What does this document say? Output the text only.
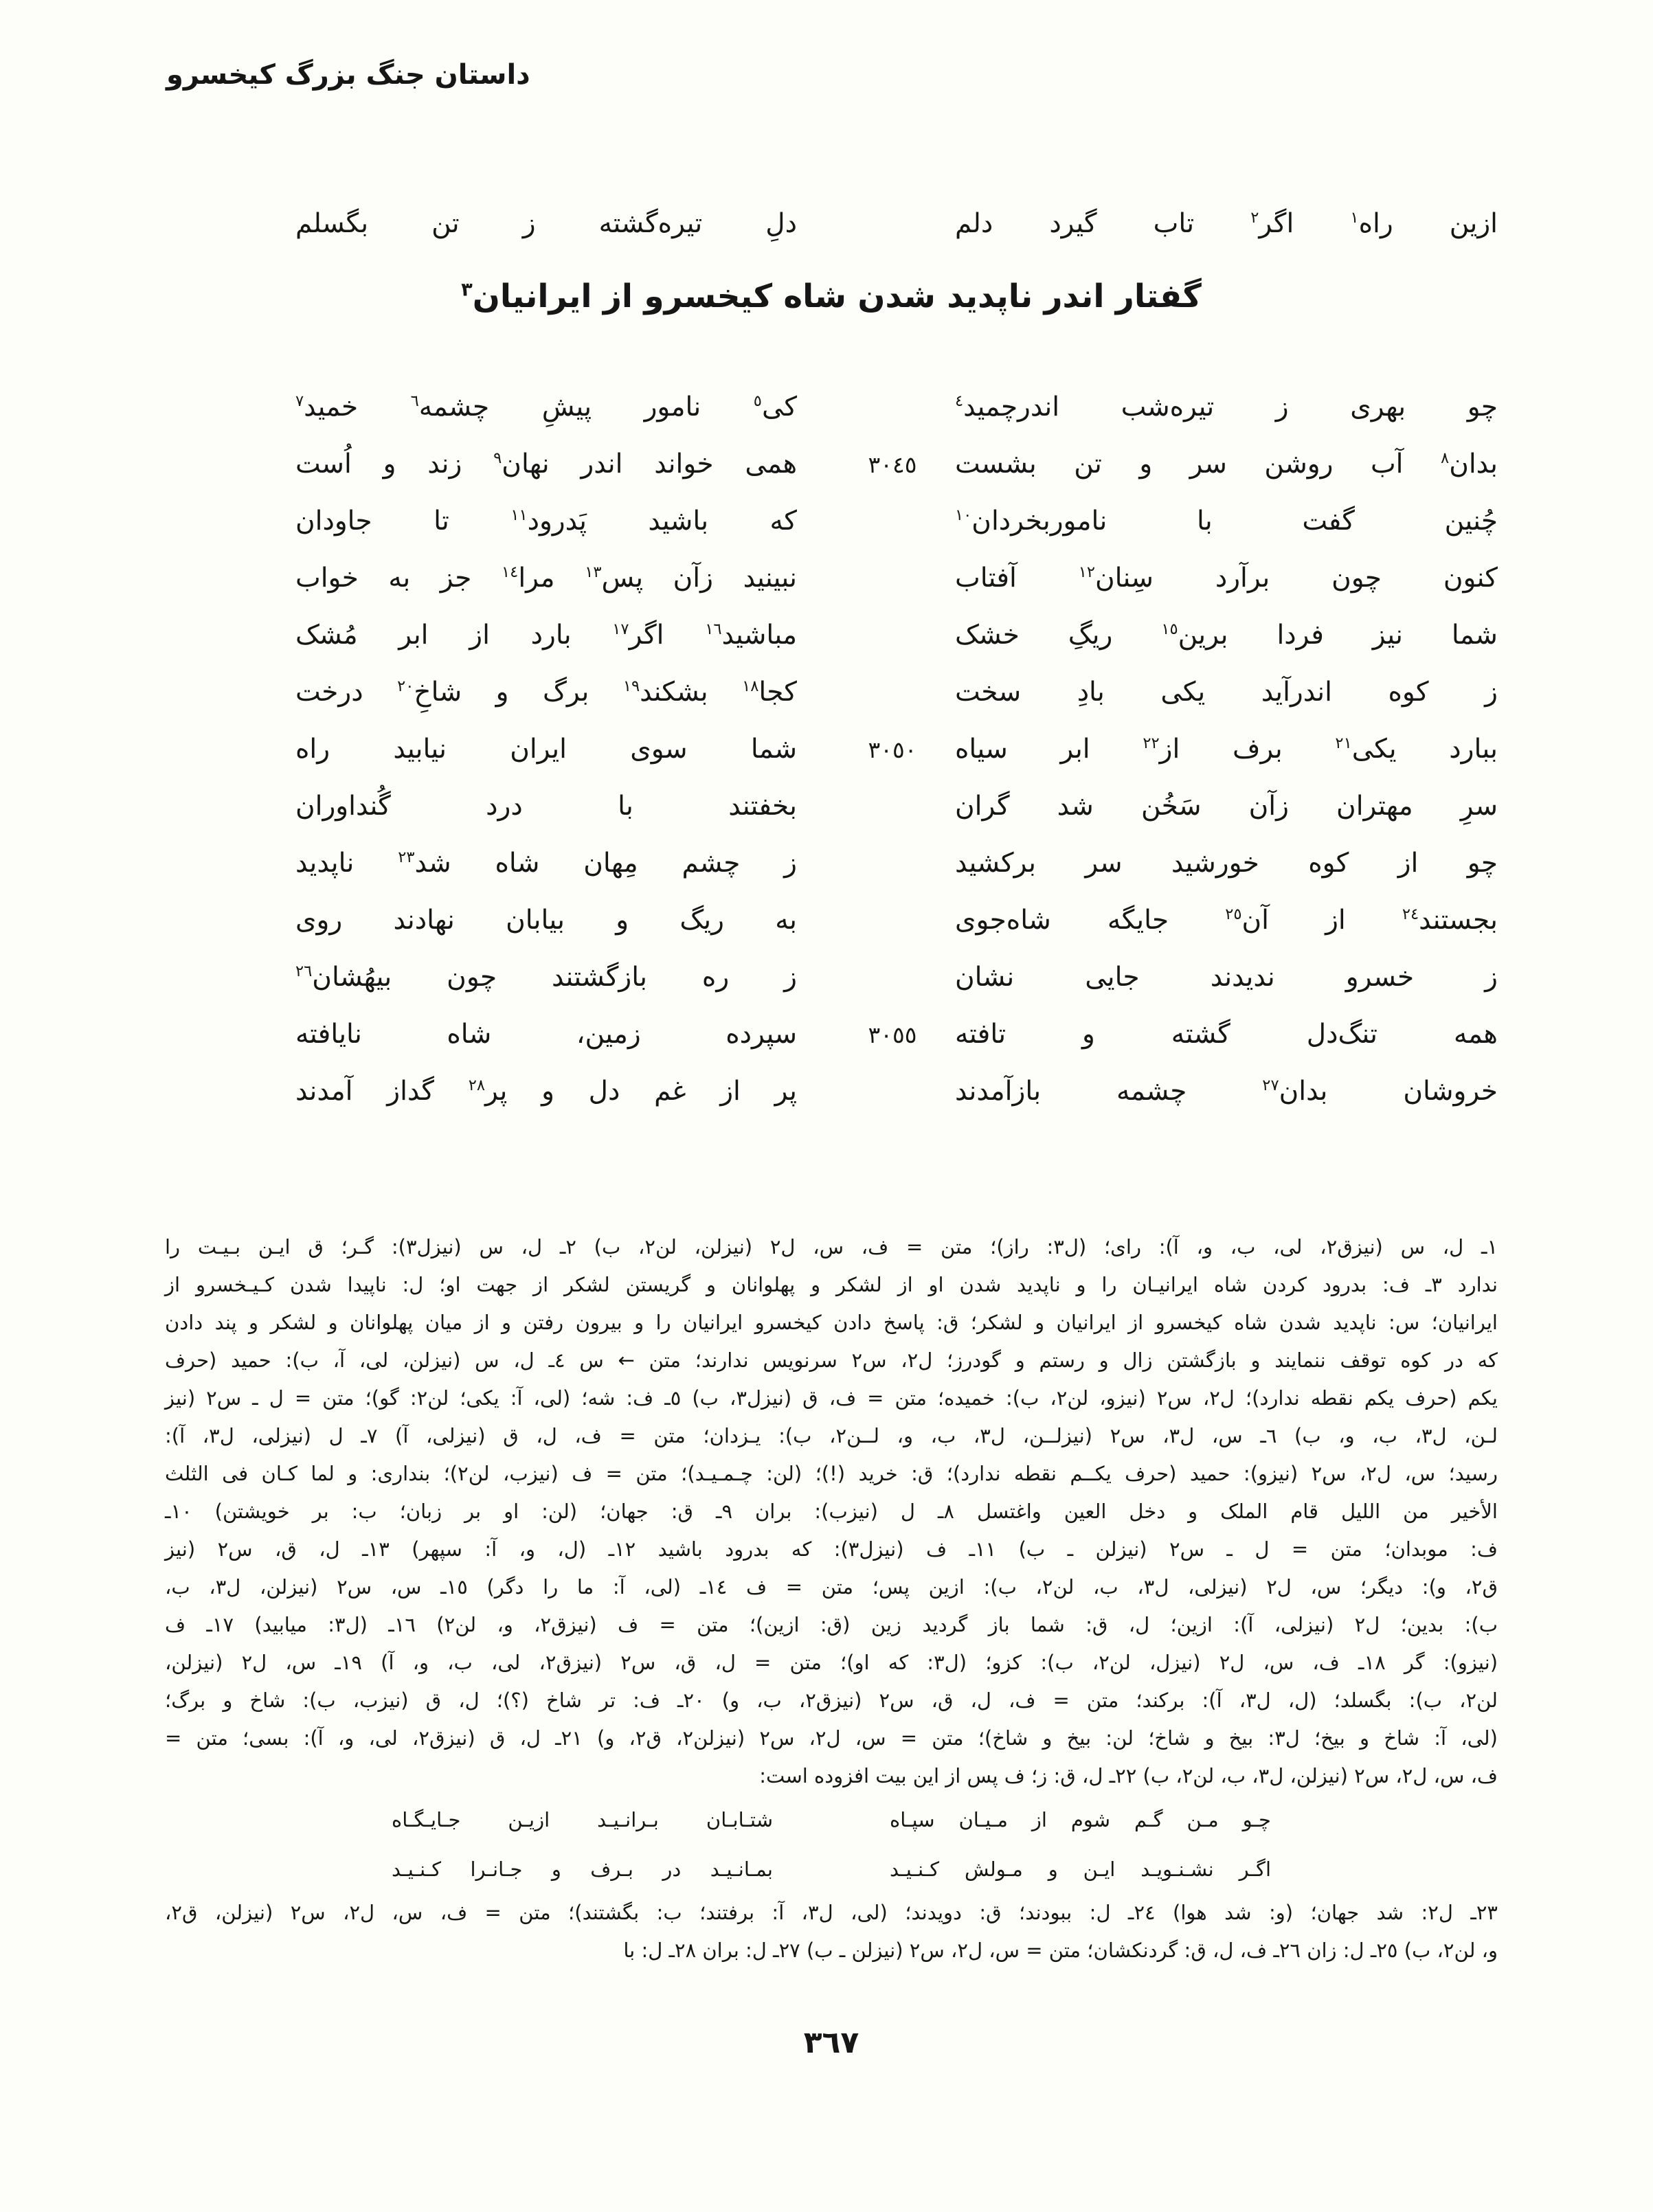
داستان جنگ بزرگ کیخسرو
دلِ تیره‌گشته ز تن بگسلم	ازین راه$^١$ اگر$^٢$ تاب گیرد دلم
گفتار اندر ناپدید شدن شاه کیخسرو از ایرانیان$^٣$
کی$^٥$ نامور پیشِ چشمه$^٦$ خمید$^٧$	چو بهری ز تیره‌شب اندرچمید$^٤$
همی خواند اندر نهان$^٩$ زند و اُست	٣٠٤٥	بدان$^٨$ آب روشن سر و تن بشست
که باشید پَدرود$^{١١}$ تا جاودان	چُنین گفت با ناموربخردان$^{١٠}$
نبینید زآن پس$^{١٣}$ مرا$^{١٤}$ جز به خواب	کنون چون برآرد سِنان$^{١٢}$ آفتاب
مباشید$^{١٦}$ اگر$^{١٧}$ بارد از ابر مُشک	شما نیز فردا برین$^{١٥}$ ریگِ خشک
کجا$^{١٨}$ بشکند$^{١٩}$ برگ و شاخِ$^{٢٠}$ درخت	ز کوه اندرآید یکی بادِ سخت
شما سوی ایران نیابید راه	٣٠٥٠	ببارد یکی$^{٢١}$ برف از$^{٢٢}$ ابر سیاه
بخفتند با درد گُنداوران	سرِ مهتران زآن سَخُن شد گران
ز چشم مِهان شاه شد$^{٢٣}$ ناپدید	چو از کوه خورشید سر برکشید
به ریگ و بیابان نهادند روی	بجستند$^{٢٤}$ از آن$^{٢٥}$ جایگه شاه‌جوی
ز ره بازگشتند چون بیهُشان$^{٢٦}$	ز خسرو ندیدند جایی نشان
سپرده زمین، شاه نایافته	٣٠٥٥	همه تنگ‌دل گشته و تافته
پر از غم دل و پر$^{٢٨}$ گداز آمدند	خروشان بدان$^{٢٧}$ چشمه بازآمدند
١ـ ل، س (نیزق٢، لی، ب، و، آ): رای؛ (ل٣: راز)؛ متن = ف، س، ل٢ (نیزلن، لن٢، ب) ٢ـ ل، س (نیزل٣): گـر؛ ق ایـن بـیـت را
ندارد ٣ـ ف: بدرود کردن شاه ایرانیـان را و ناپدید شدن او از لشکر و پهلوانان و گریستن لشکر از جهت او؛ ل: ناپیدا شدن کـیـخسرو از
ایرانیان؛ س: ناپدید شدن شاه کیخسرو از ایرانیان و لشکر؛ ق: پاسخ دادن کیخسرو ایرانیان را و بیرون رفتن و از میان پهلوانان و لشکر و پند دادن
که در کوه توقف ننمایند و بازگشتن زال و رستم و گودرز؛ ل٢، س٢ سرنویس ندارند؛ متن ← س ٤ـ ل، س (نیزلن، لی، آ، ب): حمید (حرف
یکم (حرف یکم نقطه ندارد)؛ ل٢، س٢ (نیزو، لن٢، ب): خمیده؛ متن = ف، ق (نیزل٣، ب) ٥ـ ف: شه؛ (لی، آ: یکی؛ لن٢: گو)؛ متن = ل ـ س٢ (نیز
لـن، ل٣، ب، و، ب) ٦ـ س، ل٣، س٢ (نیزلــن، ل٣، ب، و، لــن٢، ب): یـزدان؛ متن = ف، ل، ق (نیزلی، آ) ٧ـ ل (نیزلی، ل٣، آ):
رسید؛ س، ل٢، س٢ (نیزو): حمید (حرف یکــم نقطه ندارد)؛ ق: خرید (!)؛ (لن: چـمـیـد)؛ متن = ف (نیزب، لن٢)؛ بنداری: و لما کـان فی الثلث
الأخیر من اللیل قام الملک و دخل العین واغتسل ٨ـ ل (نیزب): بران ٩ـ ق: جهان؛ (لن: او بر زبان؛ ب: بر خویشتن) ١٠ـ
ف: موبدان؛ متن = ل ـ س٢ (نیزلن ـ ب) ١١ـ ف (نیزل٣): که بدرود باشید ١٢ـ (ل، و، آ: سپهر) ١٣ـ ل، ق، س٢ (نیز
ق٢، و): دیگر؛ س، ل٢ (نیزلی، ل٣، ب، لن٢، ب): ازین پس؛ متن = ف ١٤ـ (لی، آ: ما را دگر) ١٥ـ س، س٢ (نیزلن، ل٣، ب،
ب): بدین؛ ل٢ (نیزلی، آ): ازین؛ ل، ق: شما باز گردید زین (ق: ازین)؛ متن = ف (نیزق٢، و، لن٢) ١٦ـ (ل٣: میابید) ١٧ـ ف
(نیزو): گر ١٨ـ ف، س، ل٢ (نیزل، لن٢، ب): کزو؛ (ل٣: که او)؛ متن = ل، ق، س٢ (نیزق٢، لی، ب، و، آ) ١٩ـ س، ل٢ (نیزلن،
لن٢، ب): بگسلد؛ (ل، ل٣، آ): برکند؛ متن = ف، ل، ق، س٢ (نیزق٢، ب، و) ٢٠ـ ف: تر شاخ (؟)؛ ل، ق (نیزب، ب): شاخ و برگ؛
(لی، آ: شاخ و بیخ؛ ل٣: بیخ و شاخ؛ لن: بیخ و شاخ)؛ متن = س، ل٢، س٢ (نیزلن٢، ق٢، و) ٢١ـ ل، ق (نیزق٢، لی، و، آ): بسی؛ متن =
ف، س، ل٢، س٢ (نیزلن، ل٣، ب، لن٢، ب) ٢٢ـ ل، ق: ز؛ ف پس از این بیت افزوده است:
چـو مـن گـم شوم از مـیـان سپـاه
شتـابـان بـرانـیـد ازیـن جـایـگـاه
اگـر نشـنـویـد ایـن و مـولش کـنـیـد
بمـانـیـد در بـرف و جـانـرا کـنـیـد
٢٣ـ ل٢: شد جهان؛ (و: شد هوا) ٢٤ـ ل: ببودند؛ ق: دویدند؛ (لی، ل٣، آ: برفتند؛ ب: بگشتند)؛ متن = ف، س، ل٢، س٢ (نیزلن، ق٢،
و، لن٢، ب) ٢٥ـ ل: زان ٢٦ـ ف، ل، ق: گردنکشان؛ متن = س، ل٢، س٢ (نیزلن ـ ب) ٢٧ـ ل: بران ٢٨ـ ل: با
٣٦٧
